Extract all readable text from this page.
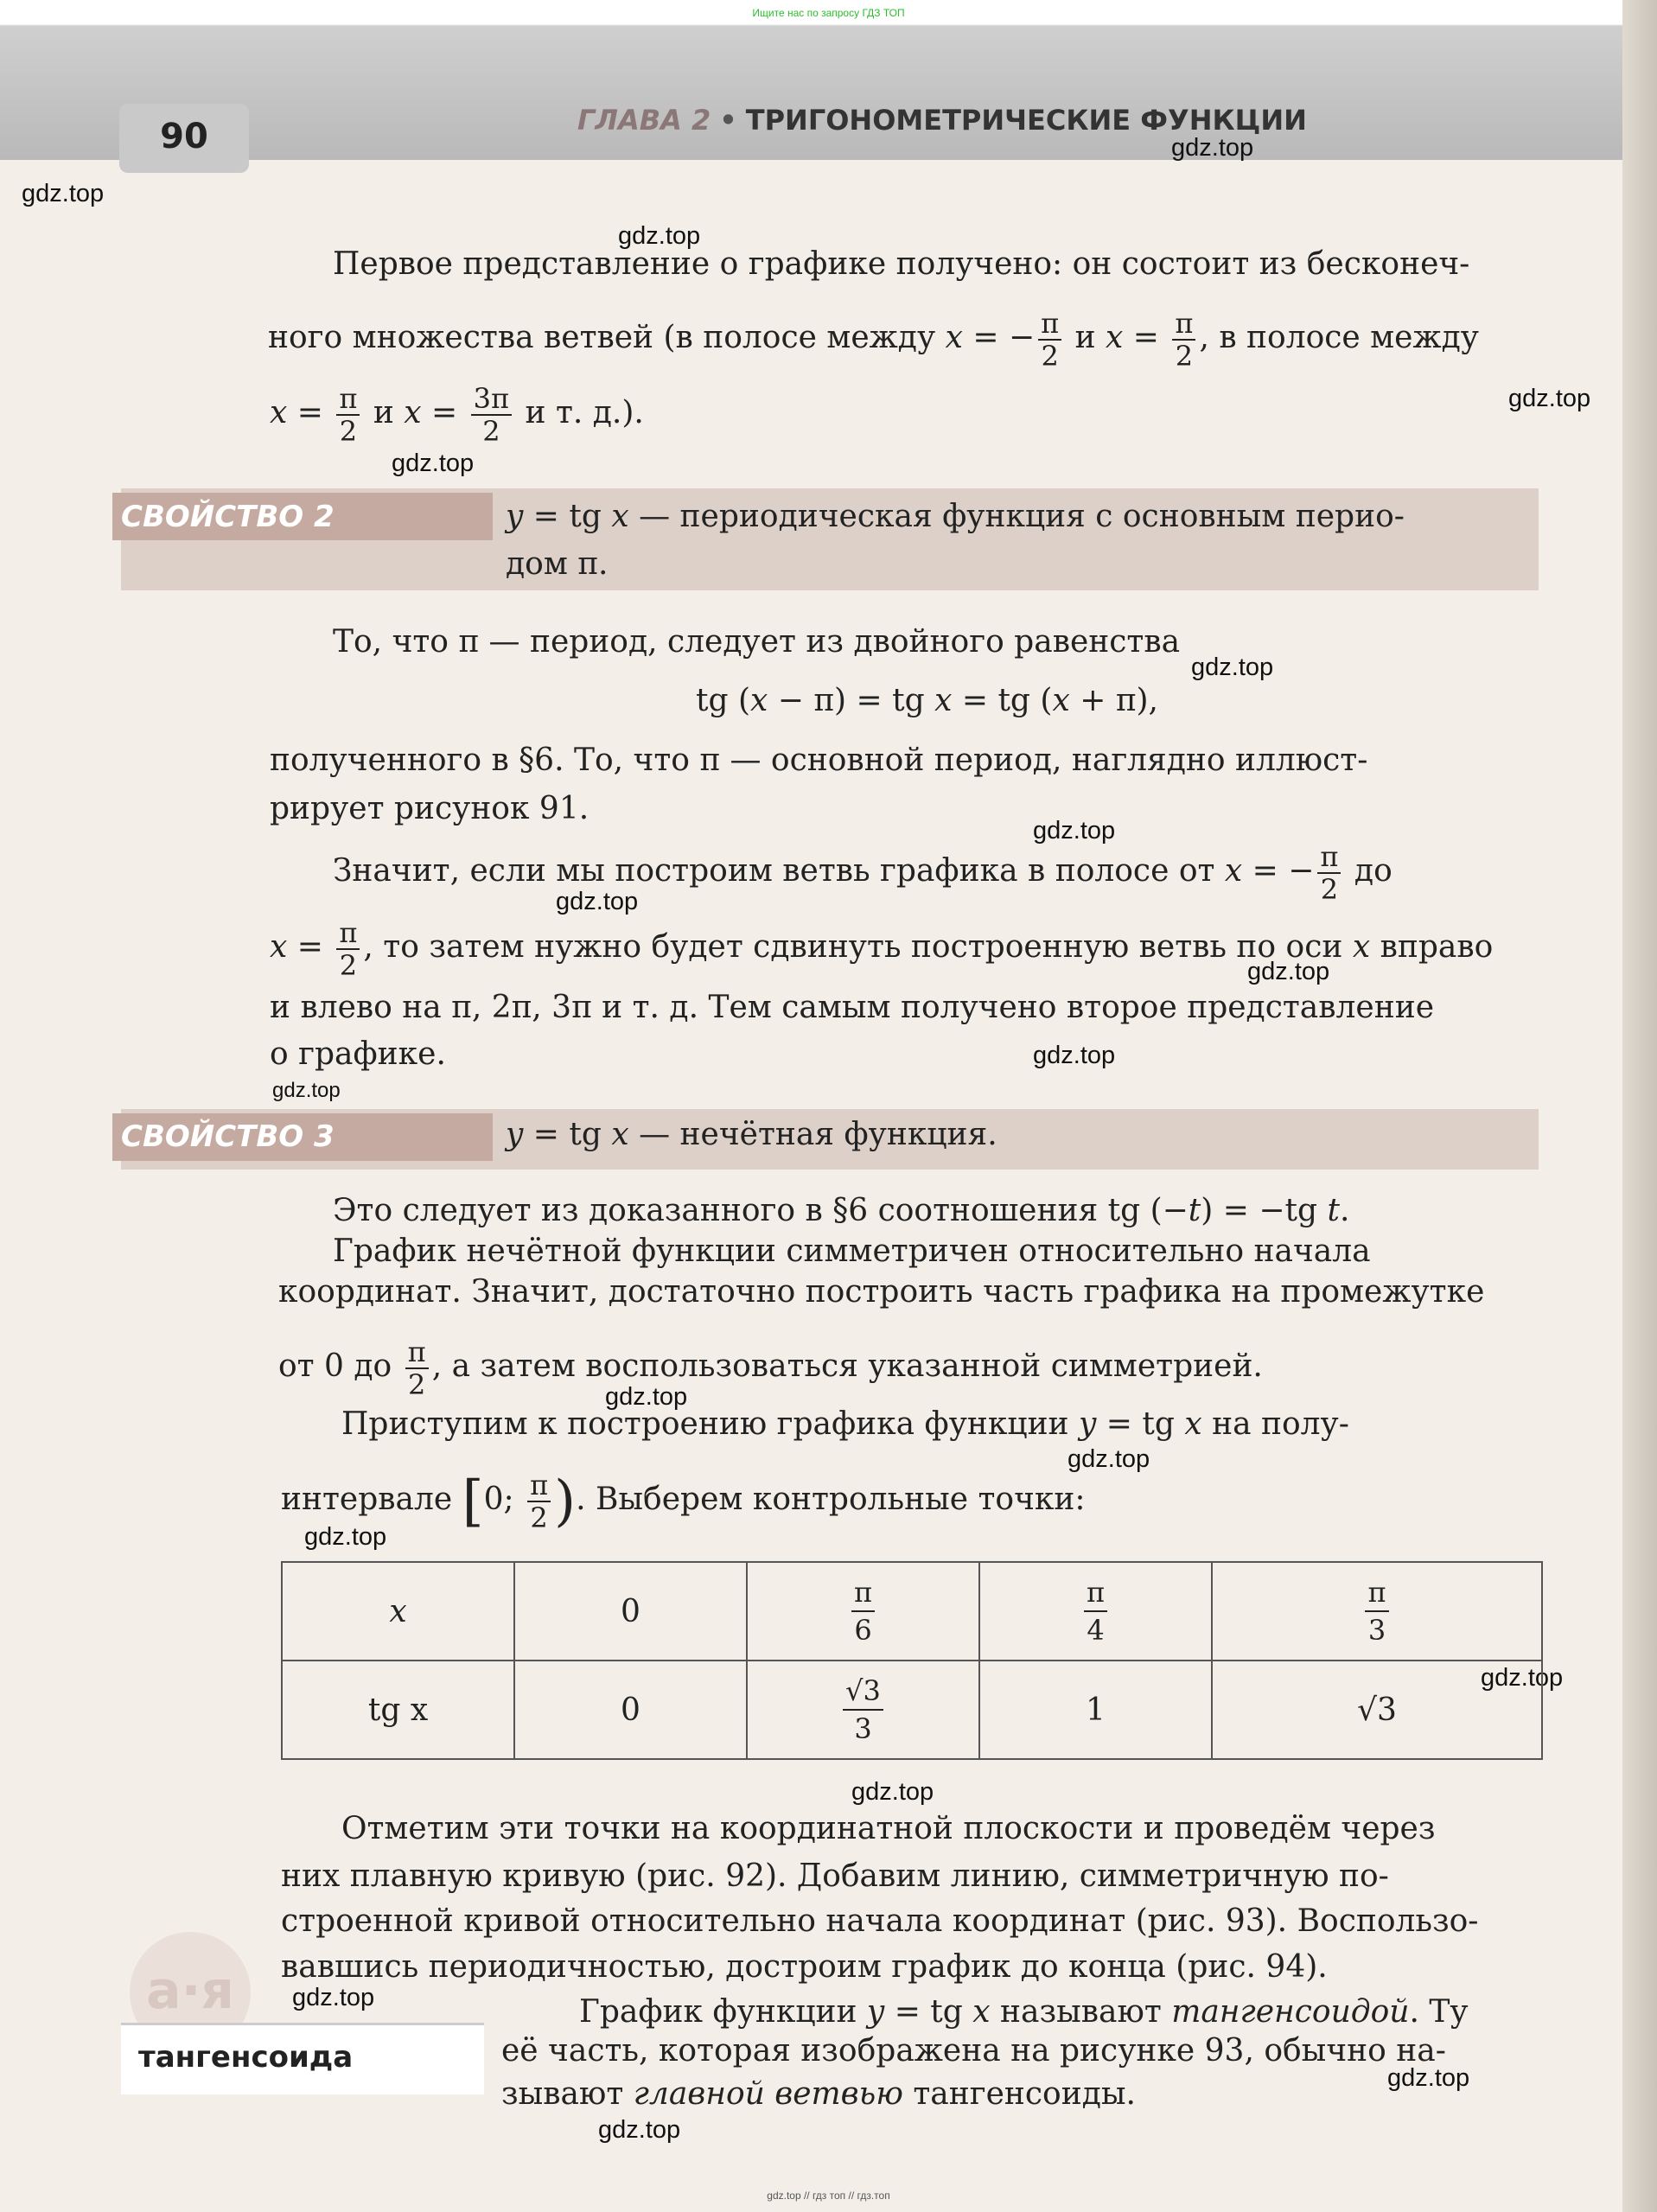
Ищите нас по запросу ГДЗ ТОП
90	ГЛАВА 2 • ТРИГОНОМЕТРИЧЕСКИЕ ФУНКЦИИ
gdz.top
gdz.top
gdz.top
gdz.top
gdz.top
gdz.top
gdz.top
gdz.top
gdz.top
gdz.top
gdz.top
gdz.top
gdz.top
gdz.top
gdz.top
gdz.top
gdz.top
gdz.top
gdz.top
Первое представление о графике получено: он состоит из бесконеч-
ного множества ветвей (в полосе между x = − $\frac{\pi}{2}$ и $x = \frac{\pi}{2}$ , в полосе между
$x = \frac{\pi}{2}$ и $x = \frac{3\pi}{2}$ и т. д.).
СВОЙСТВО 2	y = tg x — периодическая функция с основным перио-
дом π.
То, что π — период, следует из двойного равенства
tg (x − π) = tg x = tg (x + π),
полученного в §6. То, что π — основной период, наглядно иллюст-
рирует рисунок 91.
Значит, если мы построим ветвь графика в полосе от x = − $\frac{\pi}{2}$ до
$x = \frac{\pi}{2}$ , то затем нужно будет сдвинуть построенную ветвь по оси x вправо
и влево на π, 2π, 3π и т. д. Тем самым получено второе представление
о графике.
СВОЙСТВО 3	y = tg x — нечётная функция.
Это следует из доказанного в §6 соотношения tg (−t) = −tg t.
График нечётной функции симметричен относительно начала
координат. Значит, достаточно построить часть графика на промежутке
от 0 до $\frac{\pi}{2}$ , а затем воспользоваться указанной симметрией.
Приступим к построению графика функции y = tg x на полу-
интервале [0; $\frac{\pi}{2}$ ). Выберем контрольные точки:
x	0	$\frac{\pi}{6}$	$\frac{\pi}{4}$	$\frac{\pi}{3}$

tg x	0	$\frac{√3}{3}$	1	√3
Отметим эти точки на координатной плоскости и проведём через
них плавную кривую (рис. 92). Добавим линию, симметричную по-
строенной кривой относительно начала координат (рис. 93). Воспользо-
вавшись периодичностью, достроим график до конца (рис. 94).
а·я
тангенсоида
График функции y = tg x называют тангенсоидой. Ту
её часть, которая изображена на рисунке 93, обычно на-
зывают главной ветвью тангенсоиды.
gdz.top // гдз топ // гдз.топ
